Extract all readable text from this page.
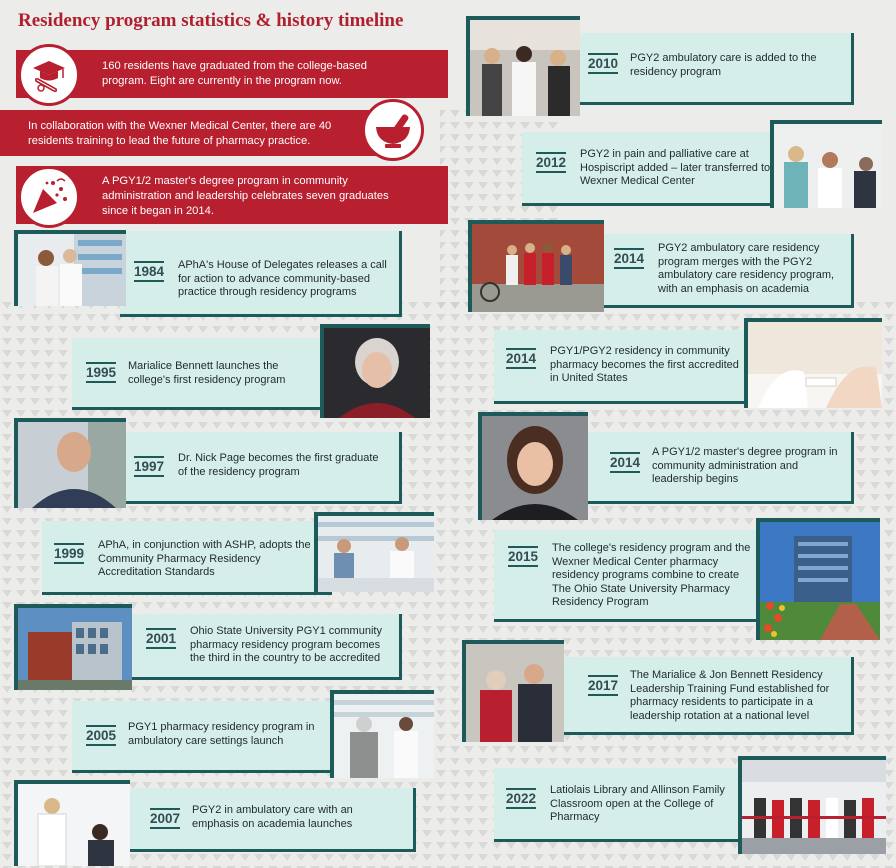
Residency program statistics & history timeline
160 residents have graduated from the college-based program. Eight are currently in the program now.
In collaboration with the Wexner Medical Center, there are 40 residents training to lead the future of pharmacy practice.
A PGY1/2 master's degree program in community administration and leadership celebrates seven graduates since it began in 2014.
1984 APhA's House of Delegates releases a call for action to advance community-based practice through residency programs
1995 Marialice Bennett launches the college's first residency program
1997
Dr. Nick Page becomes the first graduate of the residency program
1999
APhA, in conjunction with ASHP, adopts the Community Pharmacy Residency Accreditation Standards
2001 Ohio State University PGY1 community pharmacy residency program becomes the third in the country to be accredited
2005
PGY1 pharmacy residency program in ambulatory care settings launch
2007
PGY2 in ambulatory care with an emphasis on academia launches
2010 PGY2 ambulatory care is added to the residency program
2012
PGY2 in pain and palliative care at Hospiscript added – later transferred to Wexner Medical Center
2014
PGY2 ambulatory care residency program merges with the PGY2 ambulatory care residency program, with an emphasis on academia
2014 PGY1/PGY2 residency in community pharmacy becomes the first accredited in United States
2014
A PGY1/2 master's degree program in community administration and leadership begins
2015
The college's residency program and the Wexner Medical Center pharmacy residency programs combine to create The Ohio State University Pharmacy Residency Program
2017
The Marialice & Jon Bennett Residency Leadership Training Fund established for pharmacy residents to participate in a leadership rotation at a national level
2022
Latiolais Library and Allinson Family Classroom open at the College of Pharmacy
